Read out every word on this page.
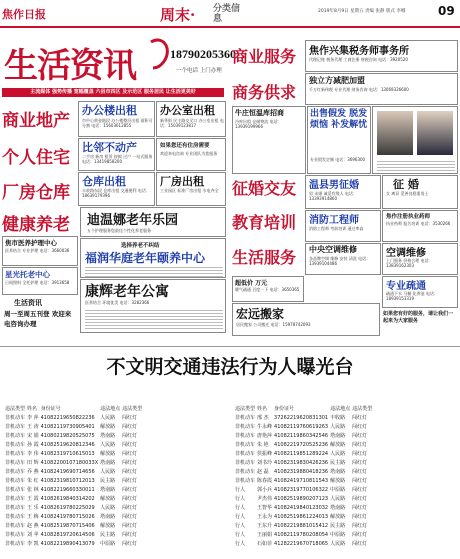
焦作日报	周末· 分类信息
2019年8月9日 星期五 责编 张静 版式 李娜	09
生活资讯	18790205360
一个电话 上门办理
主流媒体 强势传播 宽幅覆盖 六县市四区 及示范区 服务居民 让生活更美好
商业地产
个人住宅
厂房仓库
健康养老
办公楼出租
市中心黄金地段 办公楼整层出租 面积可分割 电话：15603612855
办公室出租
新华街 民主路交叉口 办公室出租 电话：15039123817
比邻不动产
二手房 新房 租赁 按揭 过户 一站式服务 电话：13419858200
如果您还有住房需要
欢迎来电咨询 专业团队为您服务
仓库出租
丰收路东段 仓库出租 交通便利 电话：18639179396
厂房出租
工业园区 标准厂房出租 水电齐全
迪温娜老年乐园
五个护理服务您最佳个性化养老服务
选择养老不纠结
福润华庭老年颐养中心
康辉老年公寓
医养结合 环境优美 电话：3282366
焦市医养护理中心
医养结合 专业护理 电话：3660036
星光托老中心
日间照料 全托护理 电话：3913658
生活资讯
周一至周五刊登 欢迎来电咨询办理
商业服务
商务供求
征婚交友
教育培训
生活服务
焦作兴集税务师事务所
代理记账 税务代理 工商注册 财税咨询 电话：3920520
独立方减肥加盟
千万红新伟税 专业代理 财务咨询 电话：13069326600
牛庄恒温库招商
冷库出租 仓储物流 电话：13939199966
出售假发 脱发烦恼 补发解忧
专业假发定制 电话：3696300
温县男征婚
男 未婚 诚觅有缘人 电话：13393914860
征 婚
女 离异 觅善良稳重男士
消防工程师
消防工程师 考前培训 通过率高
焦作注册执业药师
执业药师 报名培训 电话：3530266
中央空调维修
各品牌空调 维修 安装 清洗 电话：13939104486
空调维修
上门服务 价格合理 电话：13839162303
超低价 万元
暖气疏通 百度一下 电话：3650365
宏远搬家
居民搬家 公司搬迁 电话：15978742093
专业疏通
疏通下水 马桶 化粪池 电话：18939153319
如果您有好的服务，请让我们一起来为大家服务
不文明交通违法行为人曝光台
违法类型	姓名	身份证号	违法地点	违法类型
非机动车	李 萍	41082219650822236	人民路	闯红灯
非机动车	王 涛	41082119730905401	解放路	闯红灯
非机动车	宋 娟	41080219820525075	塔南路	闯红灯
非机动车	孙 霞	41082519620812346	人民路	闯红灯
非机动车	李 伟	41082319710615013	解放路	闯红灯
非机动车	田 辉	41082200107180033X	塔南路	闯红灯
非机动车	乔 燕	41082419690714656	人民路	闯红灯
非机动车	朱 红	41082319810712013	民主路	闯红灯
非机动车	张 林	41082219660330011	塔南路	闯红灯
非机动车	王 霞	41082619840314202	解放路	闯红灯
非机动车	王 乐	41082619780225029	人民路	闯红灯
非机动车	王 梅	41082419780715026	塔南路	闯红灯
非机动车	赵 燕	41082519870715406	解放路	闯红灯
非机动车	刘 苹	41082819720614506	民主路	闯红灯
非机动车	李 凯	41082219890413079	中原路	闯红灯
违法类型	姓名	身份证号	违法地点	违法类型
非机动车	邢 杰	37262219620831301	丰收路	闯红灯
非机动车	牛永峰	41082119760619263	人民路	闯红灯
非机动车	唐艳萍	41082119860342546	塔南路	闯红灯
非机动车	朱 艳	41082219720525236	解放路	闯红灯
非机动车	侯振峰	41082119851289224	人民路	闯红灯
非机动车	刘书玲	41082319830426236	民主路	闯红灯
非机动车	赵 磊	41082319880418236	塔南路	闯红灯
非机动车	陈春霞	41082419710811543	解放路	闯红灯
行人	郭小兵	41082319770106322	中原路	闯红灯
行人	尹杰伟	41082519890207123	人民路	闯红灯
行人	王智华	41082419840123032	塔南路	闯红灯
行人	王永为	41082519861224013	解放路	闯红灯
行人	王东升	41082219881015412	民主路	闯红灯
行人	王丽娟	41082119780208054	中原路	闯红灯
行人	石如菲	41282219670718065	人民路	闯红灯
